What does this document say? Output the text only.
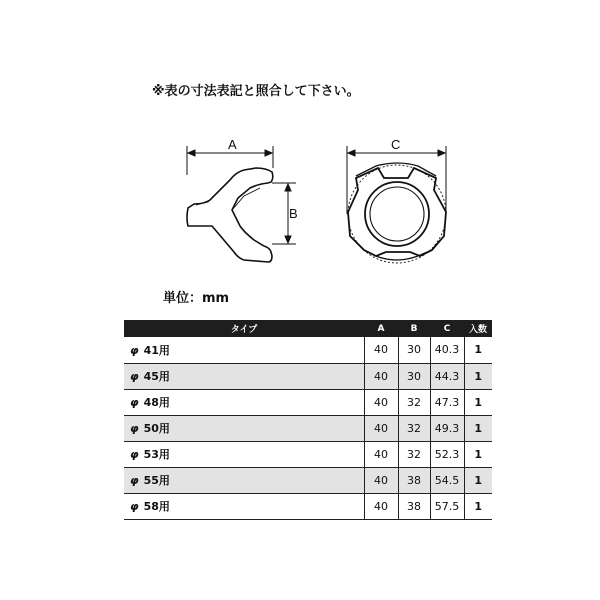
※表の寸法表記と照合して下さい。
A
B
C
単位：mm
タイプ	A	B	C	入数
φ 41用	40	30	40.3	1
φ 45用	40	30	44.3	1
φ 48用	40	32	47.3	1
φ 50用	40	32	49.3	1
φ 53用	40	32	52.3	1
φ 55用	40	38	54.5	1
φ 58用	40	38	57.5	1
